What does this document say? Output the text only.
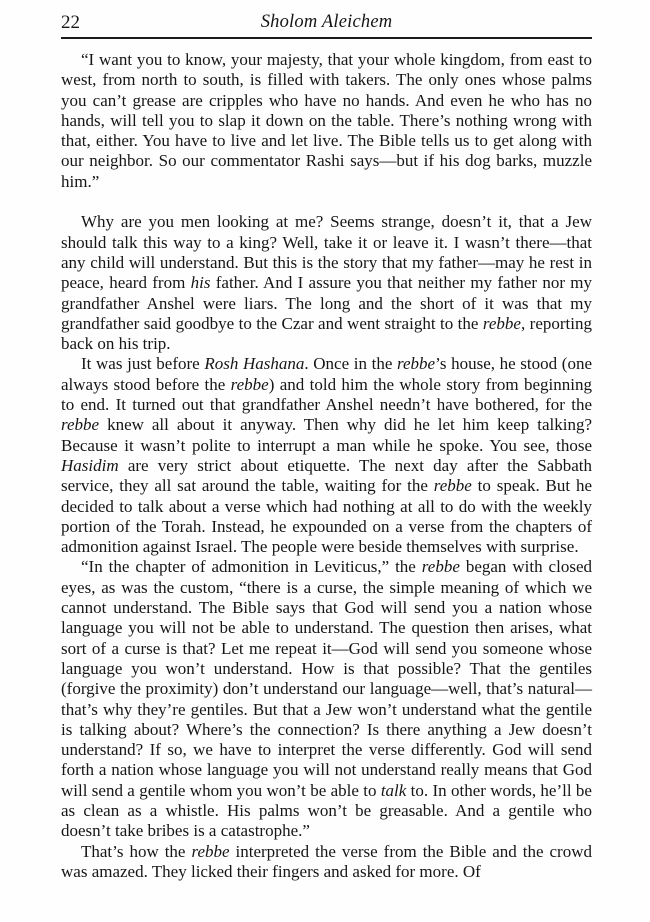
22	Sholom Aleichem

“I want you to know, your majesty, that your whole kingdom, from east to west, from north to south, is filled with takers. The only ones whose palms you can’t grease are cripples who have no hands. And even he who has no hands, will tell you to slap it down on the table. There’s nothing wrong with that, either. You have to live and let live. The Bible tells us to get along with our neighbor. So our commentator Rashi says—but if his dog barks, muzzle him.”

Why are you men looking at me? Seems strange, doesn’t it, that a Jew should talk this way to a king? Well, take it or leave it. I wasn’t there—that any child will understand. But this is the story that my father—may he rest in peace, heard from his father. And I assure you that neither my father nor my grandfather Anshel were liars. The long and the short of it was that my grandfather said goodbye to the Czar and went straight to the rebbe, reporting back on his trip.

It was just before Rosh Hashana. Once in the rebbe’s house, he stood (one always stood before the rebbe) and told him the whole story from beginning to end. It turned out that grandfather Anshel needn’t have bothered, for the rebbe knew all about it anyway. Then why did he let him keep talking? Because it wasn’t polite to interrupt a man while he spoke. You see, those Hasidim are very strict about etiquette. The next day after the Sabbath service, they all sat around the table, waiting for the rebbe to speak. But he decided to talk about a verse which had nothing at all to do with the weekly portion of the Torah. Instead, he expounded on a verse from the chapters of admonition against Israel. The people were beside themselves with surprise.

“In the chapter of admonition in Leviticus,” the rebbe began with closed eyes, as was the custom, “there is a curse, the simple meaning of which we cannot understand. The Bible says that God will send you a nation whose language you will not be able to understand. The question then arises, what sort of a curse is that? Let me repeat it—God will send you someone whose language you won’t understand. How is that possible? That the gentiles (forgive the proximity) don’t understand our language—well, that’s natural—that’s why they’re gentiles. But that a Jew won’t understand what the gentile is talking about? Where’s the connection? Is there anything a Jew doesn’t understand? If so, we have to interpret the verse differently. God will send forth a nation whose language you will not understand really means that God will send a gentile whom you won’t be able to talk to. In other words, he’ll be as clean as a whistle. His palms won’t be greasable. And a gentile who doesn’t take bribes is a catastrophe.”

That’s how the rebbe interpreted the verse from the Bible and the crowd was amazed. They licked their fingers and asked for more. Of
